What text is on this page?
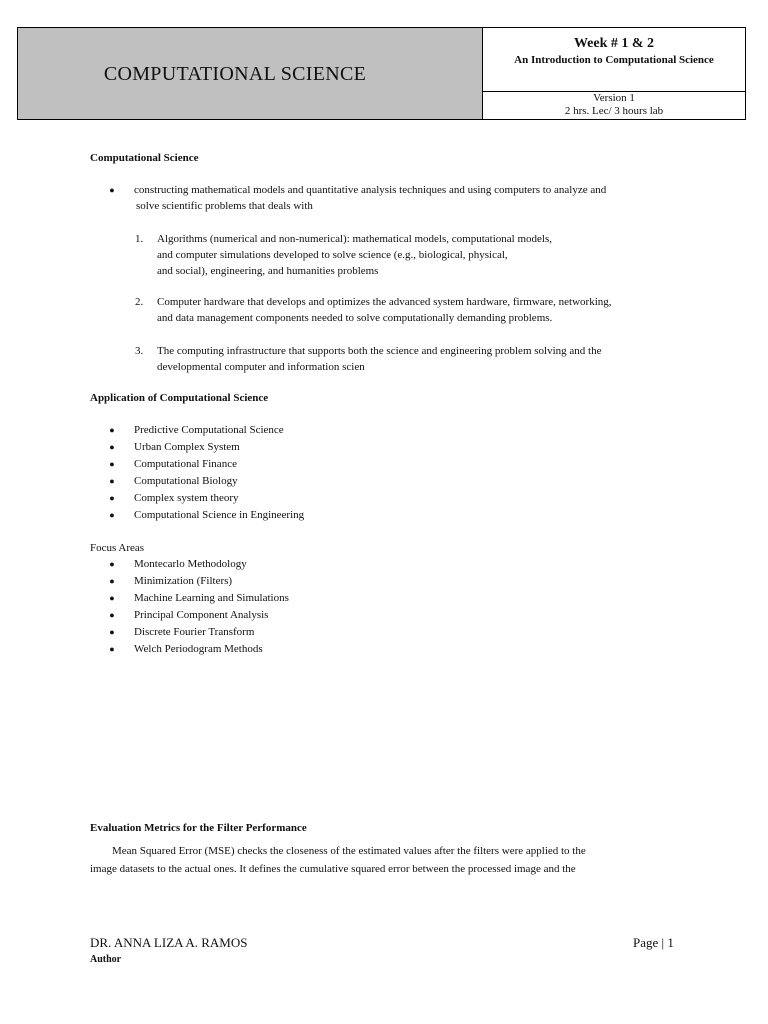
COMPUTATIONAL SCIENCE
Week # 1 & 2
An Introduction to Computational Science
Version 1
2 hrs. Lec/ 3 hours lab
Computational Science
●	constructing mathematical models and quantitative analysis techniques and using computers to analyze and
solve scientific problems that deals with
1.	Algorithms (numerical and non-numerical): mathematical models, computational models,
and computer simulations developed to solve science (e.g., biological, physical,
and social), engineering, and humanities problems
2.	Computer hardware that develops and optimizes the advanced system hardware, firmware, networking,
and data management components needed to solve computationally demanding problems.
3.	The computing infrastructure that supports both the science and engineering problem solving and the
developmental computer and information scien
Application of Computational Science
●	Predictive Computational Science
●	Urban Complex System
●	Computational Finance
●	Computational Biology
●	Complex system theory
●	Computational Science in Engineering
Focus Areas
●	Montecarlo Methodology
●	Minimization (Filters)
●	Machine Learning and Simulations
●	Principal Component Analysis
●	Discrete Fourier Transform
●	Welch Periodogram Methods
Evaluation Metrics for the Filter Performance
Mean Squared Error (MSE) checks the closeness of the estimated values after the filters were applied to the
image datasets to the actual ones. It defines the cumulative squared error between the processed image and the
DR. ANNA LIZA A. RAMOS
Author
Page | 1
